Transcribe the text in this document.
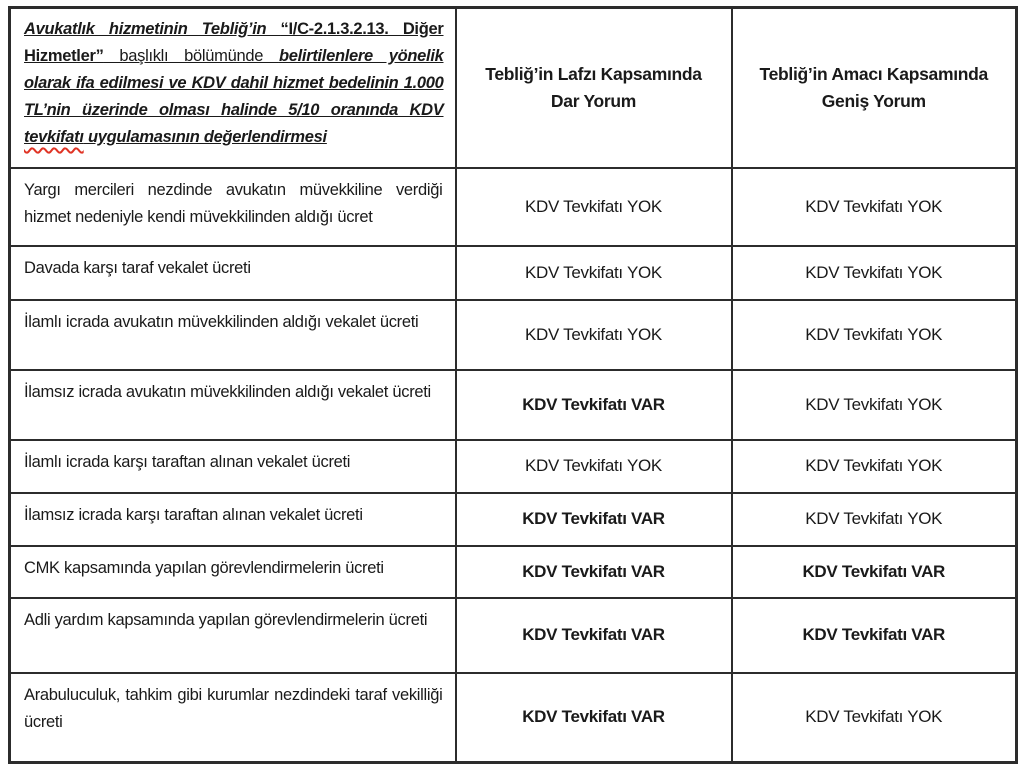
Avukatlık hizmetinin Tebliğ’in “I/C-2.1.3.2.13. Diğer Hizmetler” başlıklı bölümünde belirtilenlere yönelik olarak ifa edilmesi ve KDV dahil hizmet bedelinin 1.000 TL’nin üzerinde olması halinde 5/10 oranında KDV tevkifatı uygulamasının değerlendirmesi	Tebliğ’in Lafzı Kapsamında Dar Yorum	Tebliğ’in Amacı Kapsamında Geniş Yorum
Yargı mercileri nezdinde avukatın müvekkiline verdiği hizmet nedeniyle kendi müvekkilinden aldığı ücret	KDV Tevkifatı YOK	KDV Tevkifatı YOK
Davada karşı taraf vekalet ücreti	KDV Tevkifatı YOK	KDV Tevkifatı YOK
İlamlı icrada avukatın müvekkilinden aldığı vekalet ücreti	KDV Tevkifatı YOK	KDV Tevkifatı YOK
İlamsız icrada avukatın müvekkilinden aldığı vekalet ücreti	KDV Tevkifatı VAR	KDV Tevkifatı YOK
İlamlı icrada karşı taraftan alınan vekalet ücreti	KDV Tevkifatı YOK	KDV Tevkifatı YOK
İlamsız icrada karşı taraftan alınan vekalet ücreti	KDV Tevkifatı VAR	KDV Tevkifatı YOK
CMK kapsamında yapılan görevlendirmelerin ücreti	KDV Tevkifatı VAR	KDV Tevkifatı VAR
Adli yardım kapsamında yapılan görevlendirmelerin ücreti	KDV Tevkifatı VAR	KDV Tevkifatı VAR
Arabuluculuk, tahkim gibi kurumlar nezdindeki taraf vekilliği ücreti	KDV Tevkifatı VAR	KDV Tevkifatı YOK
